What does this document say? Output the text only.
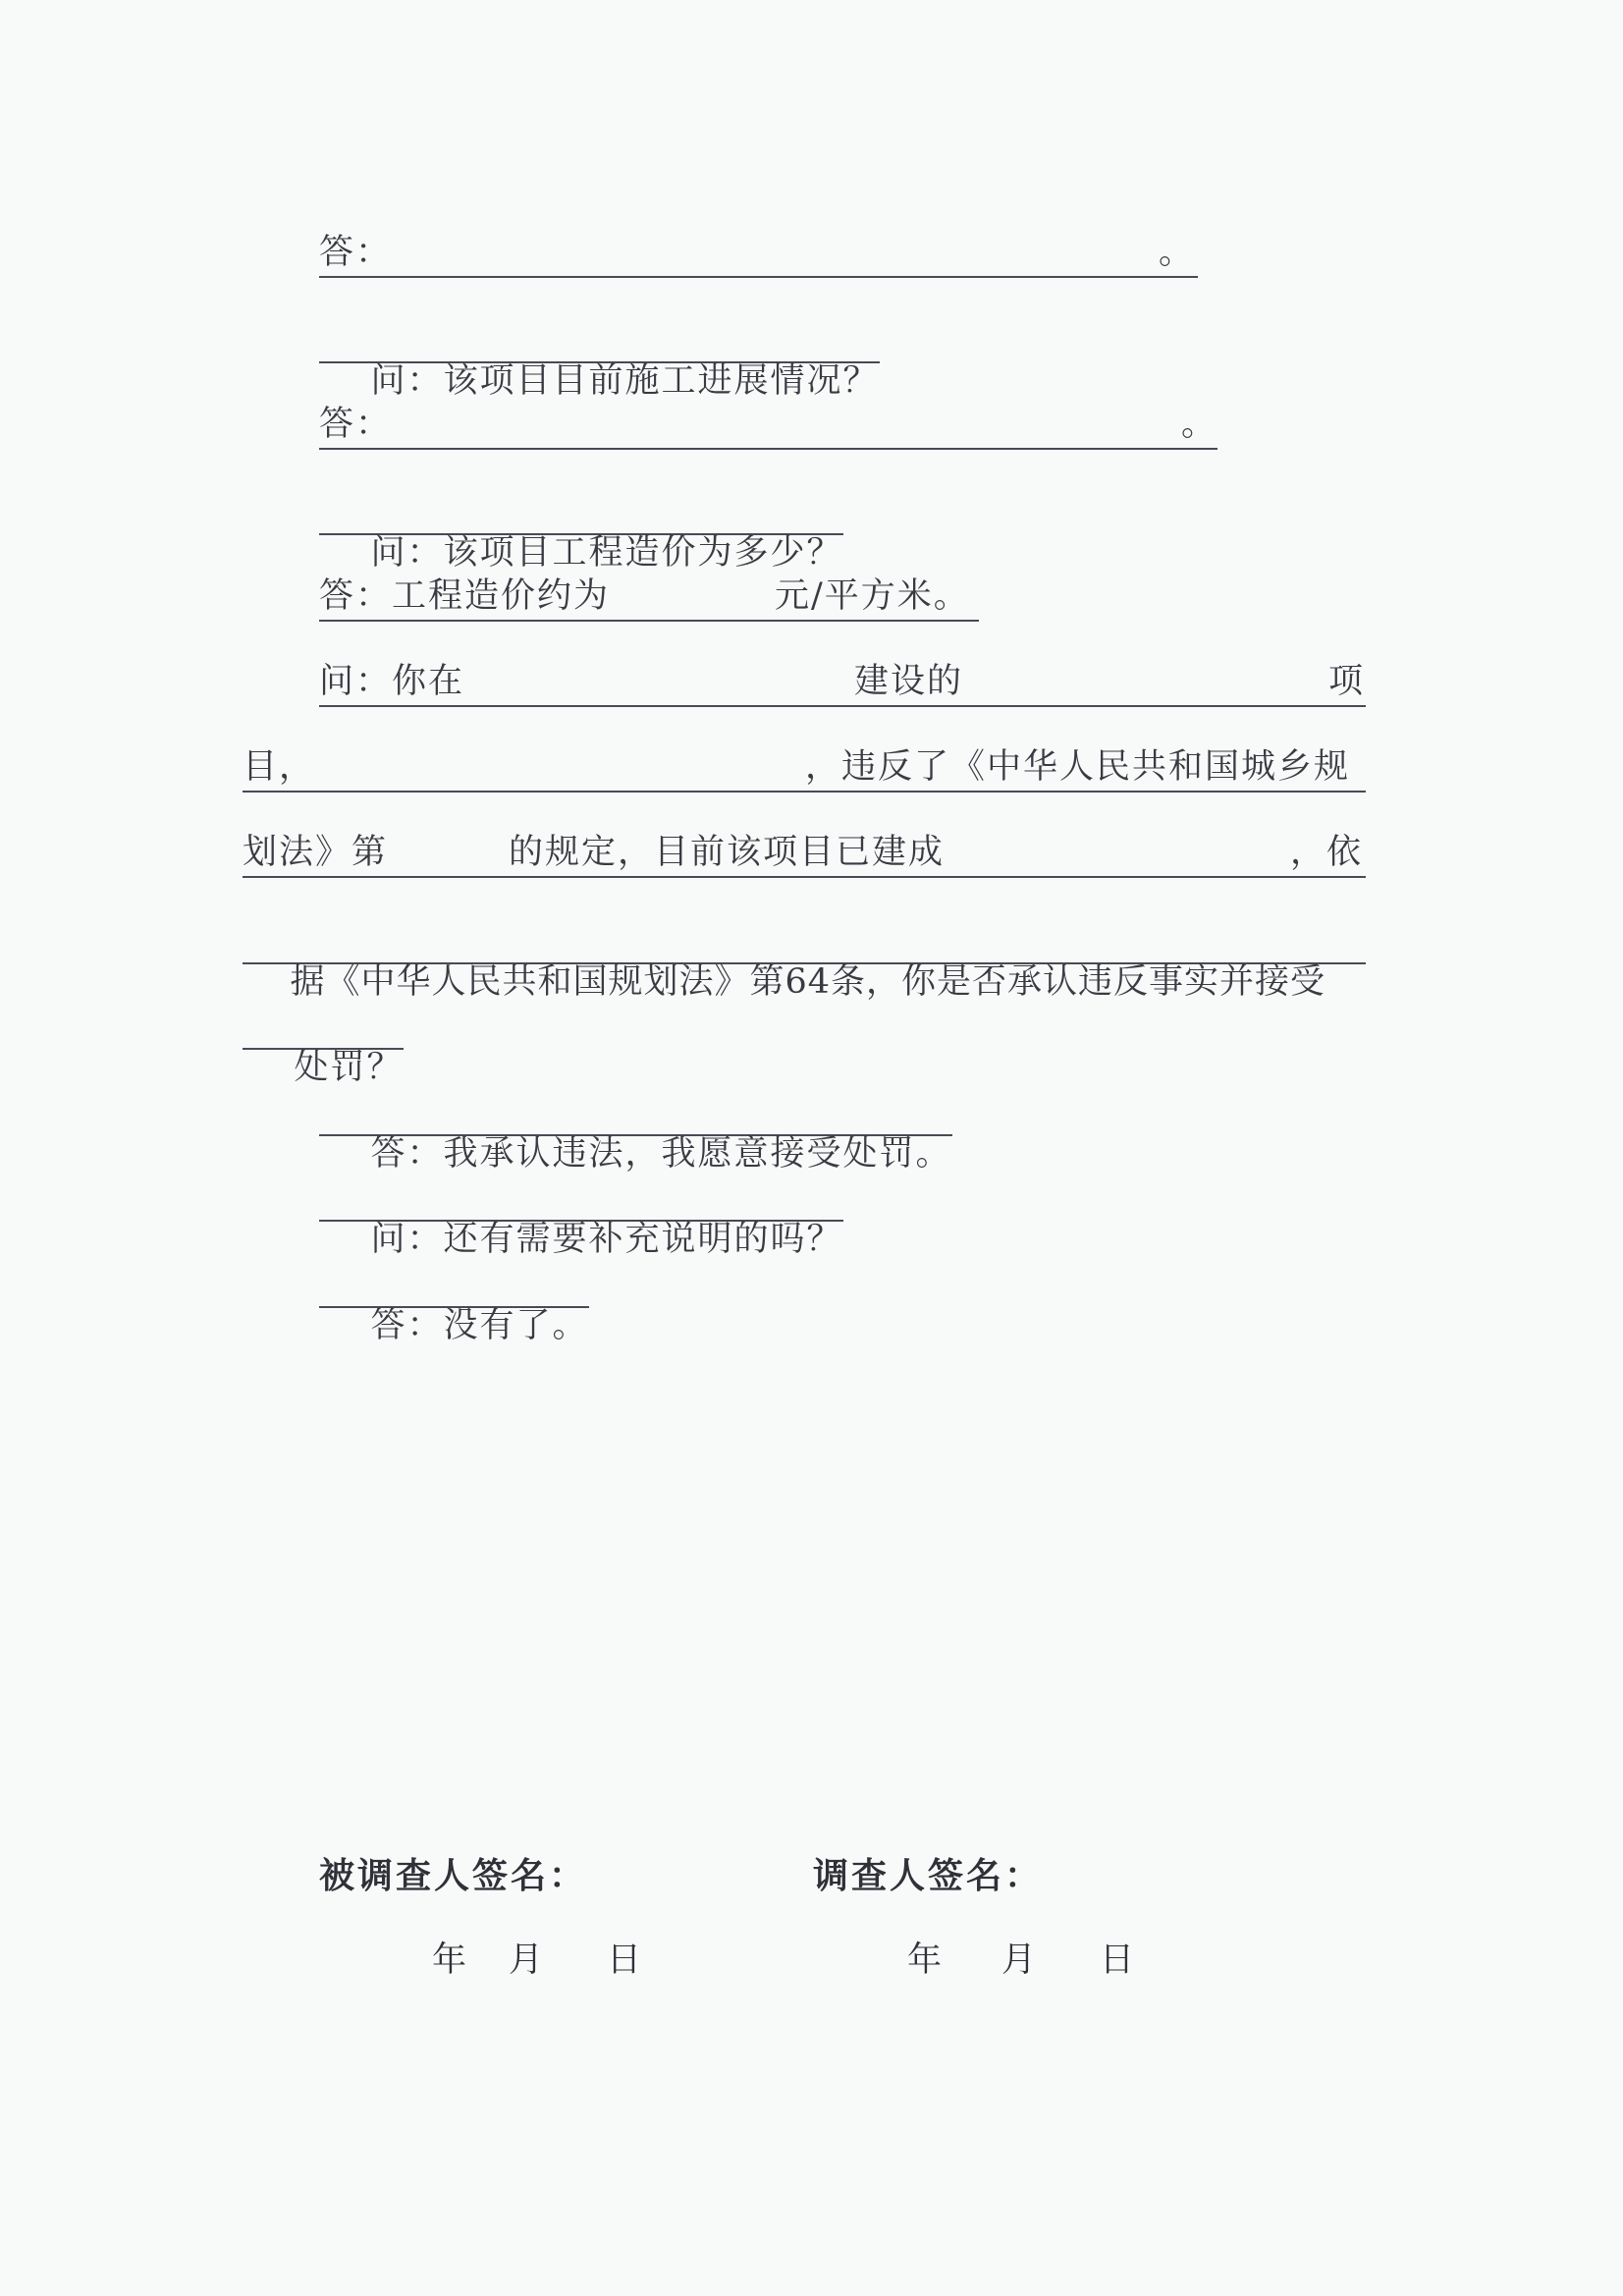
答：

	。

问：该项目目前施工进展情况？

答：

	。

问：该项目工程造价为多少？

答：工程造价约为

	元/平方米。

问：你在

	建设的

	项

目，

	，违反了《中华人民共和国城乡规

划法》第

	的规定，目前该项目已建成

	，依

据《中华人民共和国规划法》第64条，你是否承认违反事实并接受

处罚？

答：我承认违法，我愿意接受处罚。

问：还有需要补充说明的吗？

答：没有了。

被调查人签名：	调查人签名：
年 月 日	年 月 日
